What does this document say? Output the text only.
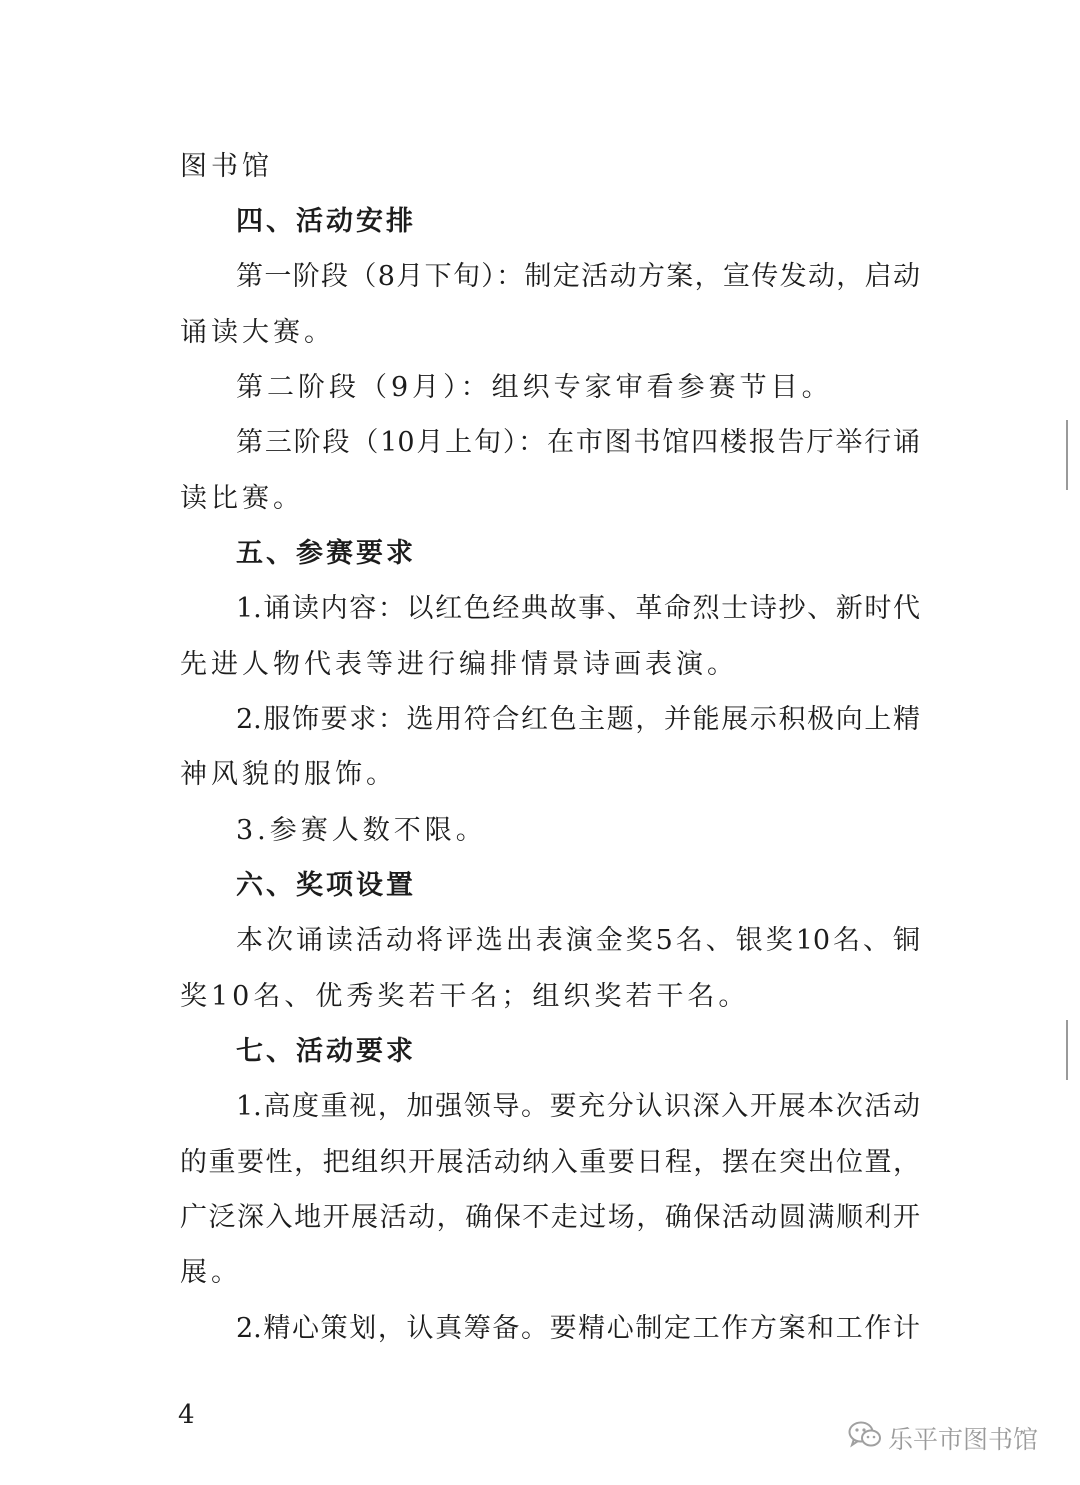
图书馆
四、活动安排
第一阶段（8月下旬）：制定活动方案，宣传发动，启动
诵读大赛。
第二阶段（9月）：组织专家审看参赛节目。
第三阶段（10月上旬）：在市图书馆四楼报告厅举行诵
读比赛。
五、参赛要求
1.诵读内容：以红色经典故事、革命烈士诗抄、新时代
先进人物代表等进行编排情景诗画表演。
2.服饰要求：选用符合红色主题，并能展示积极向上精
神风貌的服饰。
3.参赛人数不限。
六、奖项设置
本次诵读活动将评选出表演金奖5名、银奖10名、铜
奖10名、优秀奖若干名；组织奖若干名。
七、活动要求
1.高度重视，加强领导。要充分认识深入开展本次活动
的重要性，把组织开展活动纳入重要日程，摆在突出位置，
广泛深入地开展活动，确保不走过场，确保活动圆满顺利开
展。
2.精心策划，认真筹备。要精心制定工作方案和工作计
4
乐平市图书馆
